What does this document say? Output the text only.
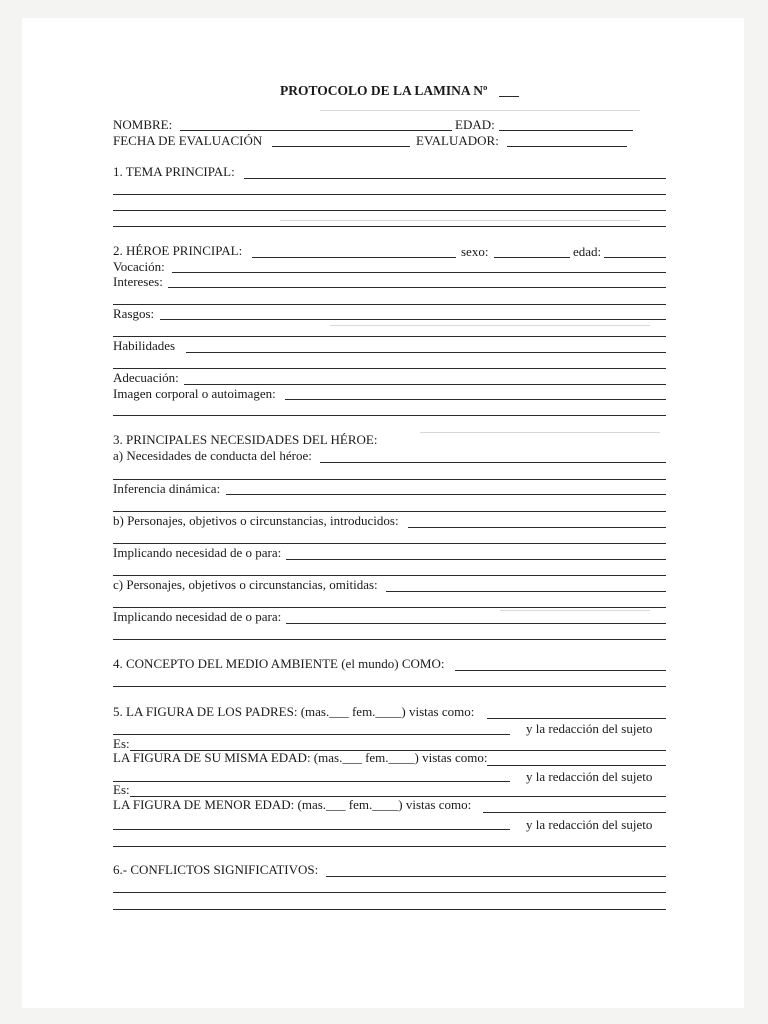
PROTOCOLO DE LA LAMINA Nº
NOMBRE:	EDAD:
FECHA DE EVALUACIÓN	EVALUADOR:
1. TEMA PRINCIPAL:
2. HÉROE PRINCIPAL:	sexo:	edad:
Vocación:
Intereses:
Rasgos:
Habilidades
Adecuación:
Imagen corporal o autoimagen:
3. PRINCIPALES NECESIDADES DEL HÉROE:
a) Necesidades de conducta del héroe:
Inferencia dinámica:
b) Personajes, objetivos o circunstancias, introducidos:
Implicando necesidad de o para:
c) Personajes, objetivos o circunstancias, omitidas:
Implicando necesidad de o para:
4. CONCEPTO DEL MEDIO AMBIENTE (el mundo) COMO:
5. LA FIGURA DE LOS PADRES: (mas.___ fem.____) vistas como:
y la redacción del sujeto
Es:
LA FIGURA DE SU MISMA EDAD: (mas.___ fem.____) vistas como:
y la redacción del sujeto
Es:
LA FIGURA DE MENOR EDAD: (mas.___ fem.____) vistas como:
y la redacción del sujeto
6.- CONFLICTOS SIGNIFICATIVOS:
